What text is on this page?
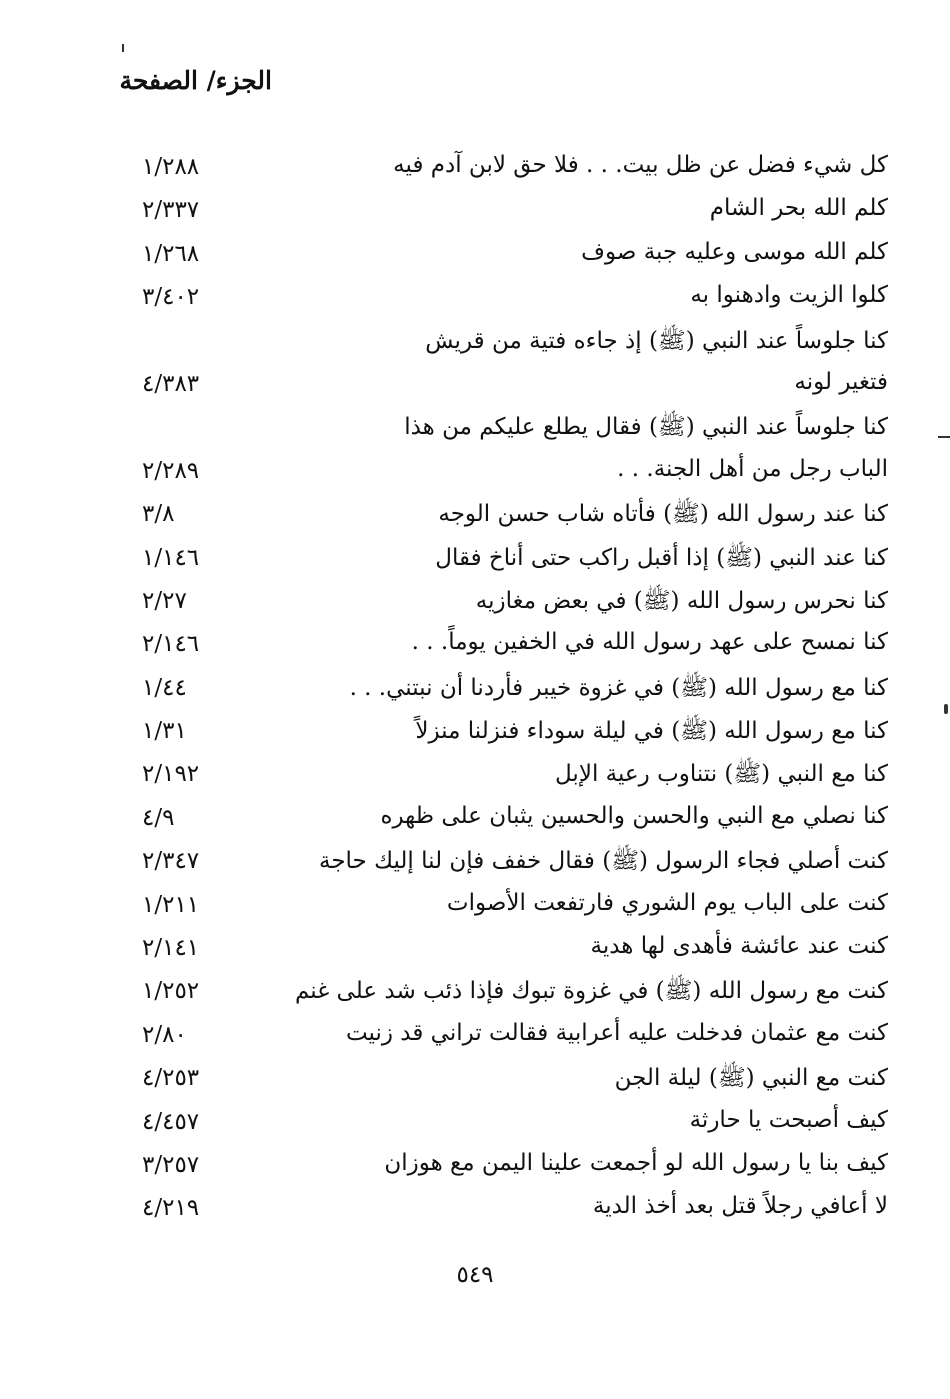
الجزء/ الصفحة
كل شيء فضل عن ظل بيت. . . فلا حق لابن آدم فيه
١/٢٨٨
كلم الله بحر الشام
٢/٣٣٧
كلم الله موسى وعليه جبة صوف
١/٢٦٨
كلوا الزيت وادهنوا به
٣/٤٠٢
كنا جلوساً عند النبي (ﷺ) إذ جاءه فتية من قريش
فتغير لونه
٤/٣٨٣
كنا جلوساً عند النبي (ﷺ) فقال يطلع عليكم من هذا
الباب رجل من أهل الجنة. . .
٢/٢٨٩
كنا عند رسول الله (ﷺ) فأتاه شاب حسن الوجه
٣/٨
كنا عند النبي (ﷺ) إذا أقبل راكب حتى أناخ فقال
١/١٤٦
كنا نحرس رسول الله (ﷺ) في بعض مغازيه
٢/٢٧
كنا نمسح على عهد رسول الله في الخفين يوماً. . .
٢/١٤٦
كنا مع رسول الله (ﷺ) في غزوة خيبر فأردنا أن نبتني. . .
١/٤٤
كنا مع رسول الله (ﷺ) في ليلة سوداء فنزلنا منزلاً
١/٣١
كنا مع النبي (ﷺ) نتناوب رعية الإبل
٢/١٩٢
كنا نصلي مع النبي والحسن والحسين يثبان على ظهره
٤/٩
كنت أصلي فجاء الرسول (ﷺ) فقال خفف فإن لنا إليك حاجة
٢/٣٤٧
كنت على الباب يوم الشوري فارتفعت الأصوات
١/٢١١
كنت عند عائشة فأهدى لها هدية
٢/١٤١
كنت مع رسول الله (ﷺ) في غزوة تبوك فإذا ذئب شد على غنم
١/٢٥٢
كنت مع عثمان فدخلت عليه أعرابية فقالت تراني قد زنيت
٢/٨٠
كنت مع النبي (ﷺ) ليلة الجن
٤/٢٥٣
كيف أصبحت يا حارثة
٤/٤٥٧
كيف بنا يا رسول الله لو أجمعت علينا اليمن مع هوزان
٣/٢٥٧
لا أعافي رجلاً قتل بعد أخذ الدية
٤/٢١٩
٥٤٩
